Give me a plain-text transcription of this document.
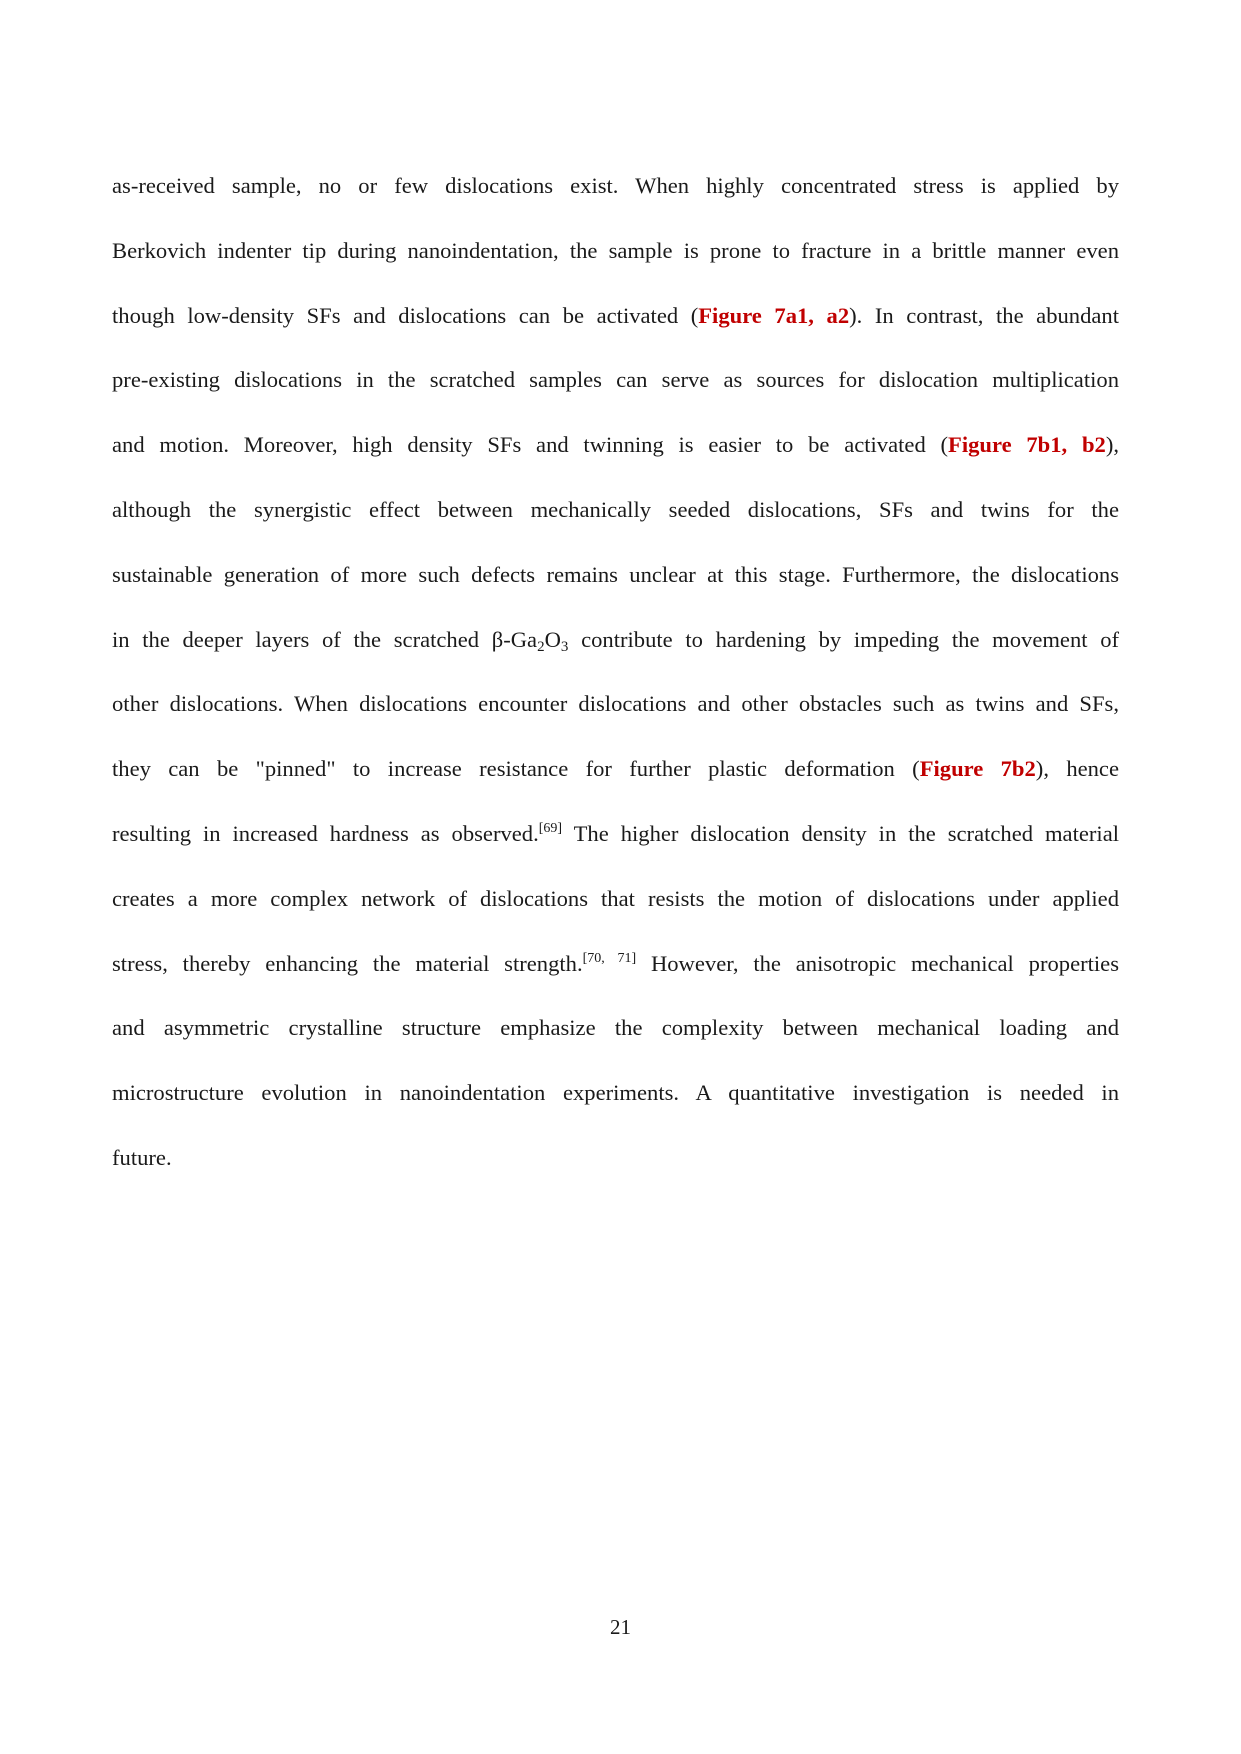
as-received sample, no or few dislocations exist. When highly concentrated stress is applied by
Berkovich indenter tip during nanoindentation, the sample is prone to fracture in a brittle manner even
though low-density SFs and dislocations can be activated (Figure 7a1, a2). In contrast, the abundant
pre-existing dislocations in the scratched samples can serve as sources for dislocation multiplication
and motion. Moreover, high density SFs and twinning is easier to be activated (Figure 7b1, b2),
although the synergistic effect between mechanically seeded dislocations, SFs and twins for the
sustainable generation of more such defects remains unclear at this stage. Furthermore, the dislocations
in the deeper layers of the scratched $\beta-Ga_2O_3$ contribute to hardening by impeding the movement of
other dislocations. When dislocations encounter dislocations and other obstacles such as twins and SFs,
they can be "pinned" to increase resistance for further plastic deformation (Figure 7b2), hence
resulting in increased hardness as observed.[69] The higher dislocation density in the scratched material
creates a more complex network of dislocations that resists the motion of dislocations under applied
stress, thereby enhancing the material strength.[70, 71] However, the anisotropic mechanical properties
and asymmetric crystalline structure emphasize the complexity between mechanical loading and
microstructure evolution in nanoindentation experiments. A quantitative investigation is needed in
future.
21
